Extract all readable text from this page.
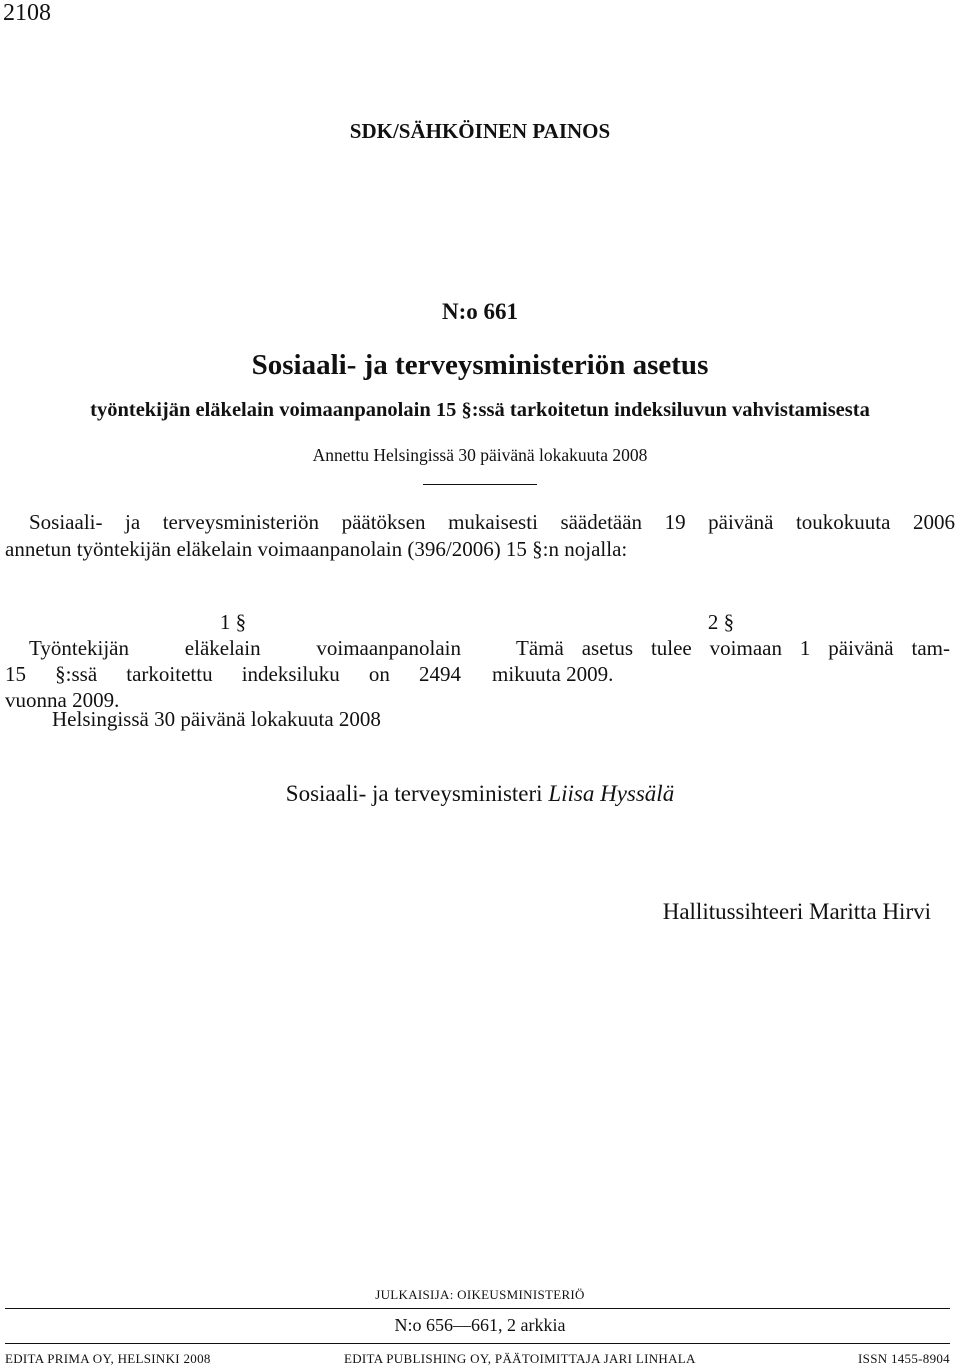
2108
SDK/SÄHKÖINEN PAINOS
N:o 661
Sosiaali- ja terveysministeriön asetus
työntekijän eläkelain voimaanpanolain 15 §:ssä tarkoitetun indeksiluvun vahvistamisesta
Annettu Helsingissä 30 päivänä lokakuuta 2008
Sosiaali- ja terveysministeriön päätöksen mukaisesti säädetään 19 päivänä toukokuuta 2006
annetun työntekijän eläkelain voimaanpanolain (396/2006) 15 §:n nojalla:
1 §
Työntekijän eläkelain voimaanpanolain
15 §:ssä tarkoitettu indeksiluku on 2494
vuonna 2009.
2 §
Tämä asetus tulee voimaan 1 päivänä tam-
mikuuta 2009.
Helsingissä 30 päivänä lokakuuta 2008
Sosiaali- ja terveysministeri Liisa Hyssälä
Hallitussihteeri Maritta Hirvi
JULKAISIJA: OIKEUSMINISTERIÖ
N:o 656—661, 2 arkkia
EDITA PRIMA OY, HELSINKI 2008	EDITA PUBLISHING OY, PÄÄTOIMITTAJA JARI LINHALA	ISSN 1455-8904
